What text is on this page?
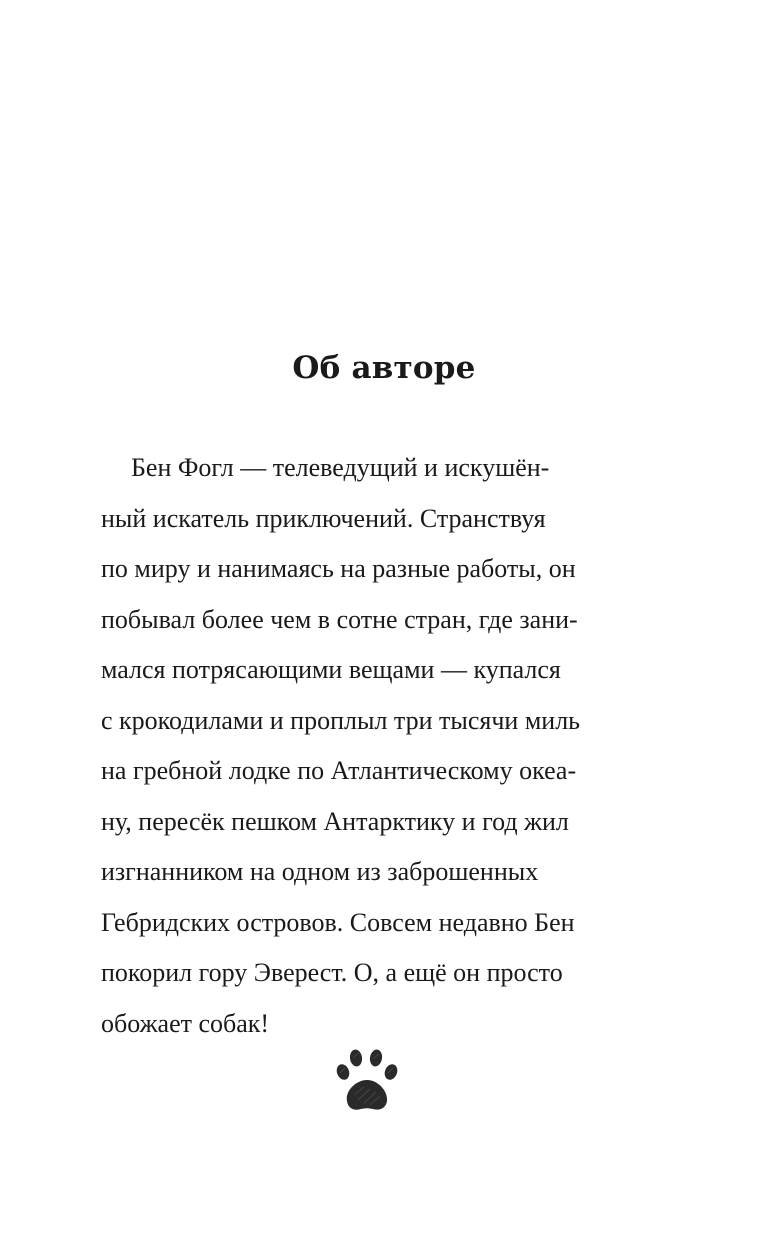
Об авторе
Бен Фогл — телеведущий и искушён-
ный искатель приключений. Странствуя
по миру и нанимаясь на разные работы, он
побывал более чем в сотне стран, где зани-
мался потрясающими вещами — купался
с крокодилами и проплыл три тысячи миль
на гребной лодке по Атлантическому океа-
ну, пересёк пешком Антарктику и год жил
изгнанником на одном из заброшенных
Гебридских островов. Совсем недавно Бен
покорил гору Эверест. О, а ещё он просто
обожает собак!
